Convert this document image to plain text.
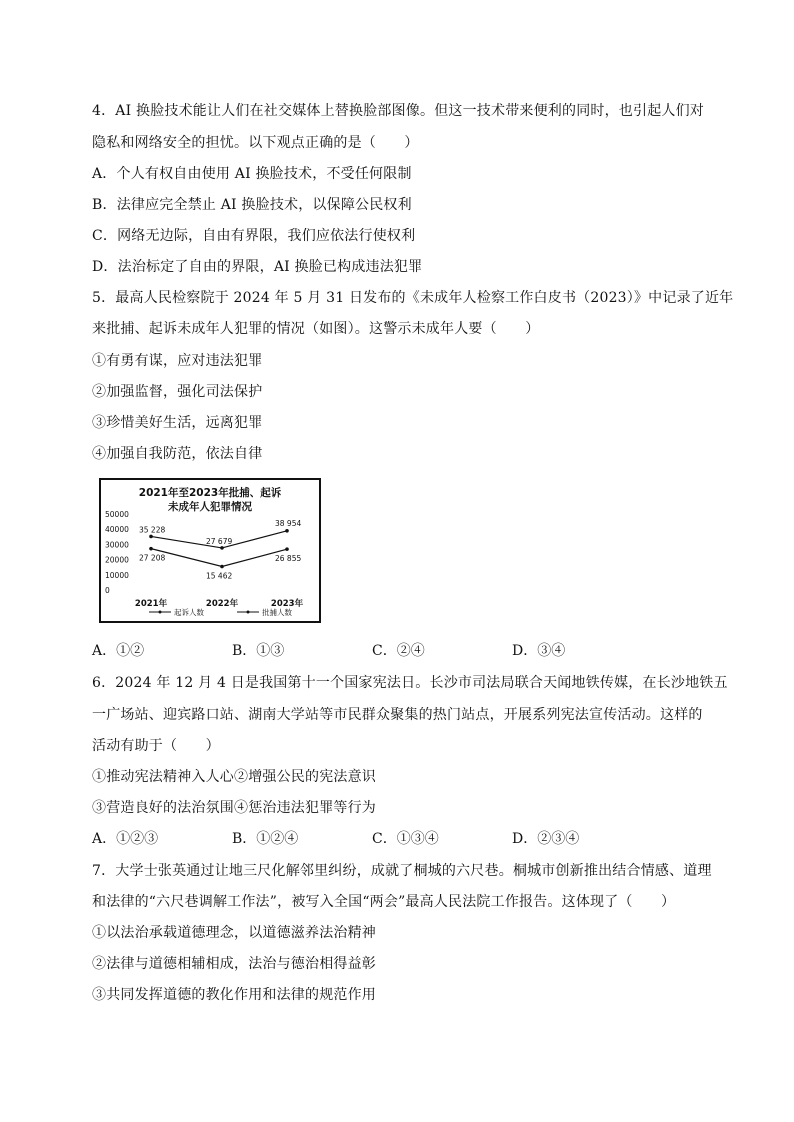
4．AI 换脸技术能让人们在社交媒体上替换脸部图像。但这一技术带来便利的同时，也引起人们对
隐私和网络安全的担忧。以下观点正确的是（　　）
A．个人有权自由使用 AI 换脸技术，不受任何限制
B．法律应完全禁止 AI 换脸技术，以保障公民权利
C．网络无边际，自由有界限，我们应依法行使权利
D．法治标定了自由的界限，AI 换脸已构成违法犯罪
5．最高人民检察院于 2024 年 5 月 31 日发布的《未成年人检察工作白皮书（2023）》中记录了近年
来批捕、起诉未成年人犯罪的情况（如图）。这警示未成年人要（　　）
①有勇有谋，应对违法犯罪
②加强监督，强化司法保护
③珍惜美好生活，远离犯罪
④加强自我防范，依法自律
2021年至2023年批捕、起诉
未成年人犯罪情况
50000
40000
30000
20000
10000
0
35 228
27 679
38 954
27 208
15 462
26 855
2021年	2022年	2023年
起诉人数	批捕人数
A．①②	B．①③	C．②④	D．③④
6．2024 年 12 月 4 日是我国第十一个国家宪法日。长沙市司法局联合天闻地铁传媒，在长沙地铁五
一广场站、迎宾路口站、湖南大学站等市民群众聚集的热门站点，开展系列宪法宣传活动。这样的
活动有助于（　　）
①推动宪法精神入人心②增强公民的宪法意识
③营造良好的法治氛围④惩治违法犯罪等行为
A．①②③	B．①②④	C．①③④	D．②③④
7．大学士张英通过让地三尺化解邻里纠纷，成就了桐城的六尺巷。桐城市创新推出结合情感、道理
和法律的“六尺巷调解工作法”，被写入全国“两会”最高人民法院工作报告。这体现了（　　）
①以法治承载道德理念，以道德滋养法治精神
②法律与道德相辅相成，法治与德治相得益彰
③共同发挥道德的教化作用和法律的规范作用
